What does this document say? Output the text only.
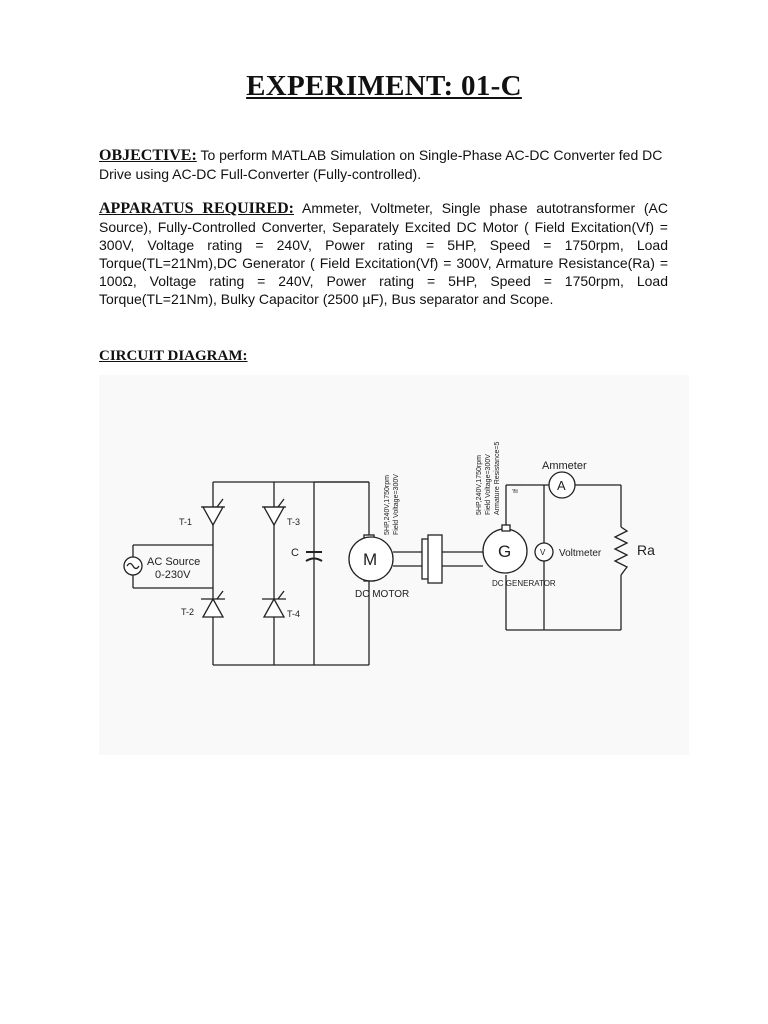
EXPERIMENT: 01-C
OBJECTIVE: To perform MATLAB Simulation on Single-Phase AC-DC Converter fed DC Drive using AC-DC Full-Converter (Fully-controlled).
APPARATUS REQUIRED: Ammeter, Voltmeter, Single phase autotransformer (AC Source), Fully-Controlled Converter, Separately Excited DC Motor ( Field Excitation(Vf) = 300V, Voltage rating = 240V, Power rating = 5HP, Speed = 1750rpm, Load Torque(TL=21Nm),DC Generator ( Field Excitation(Vf) = 300V, Armature Resistance(Ra) = 100Ω, Voltage rating = 240V, Power rating = 5HP, Speed = 1750rpm, Load Torque(TL=21Nm), Bulky Capacitor (2500 µF), Bus separator and Scope.
CIRCUIT DIAGRAM:
T-1	T-3
T-2	T-4
AC Source
0-230V
C	M
DC MOTOR
5HP,240V,1750rpm Field Voltage=300V
G
DC GENERATOR
5HP,240V,1750rpm Field Voltage=300V Armature Resistance=5 If	A
Ammeter
V Voltmeter	Ra
